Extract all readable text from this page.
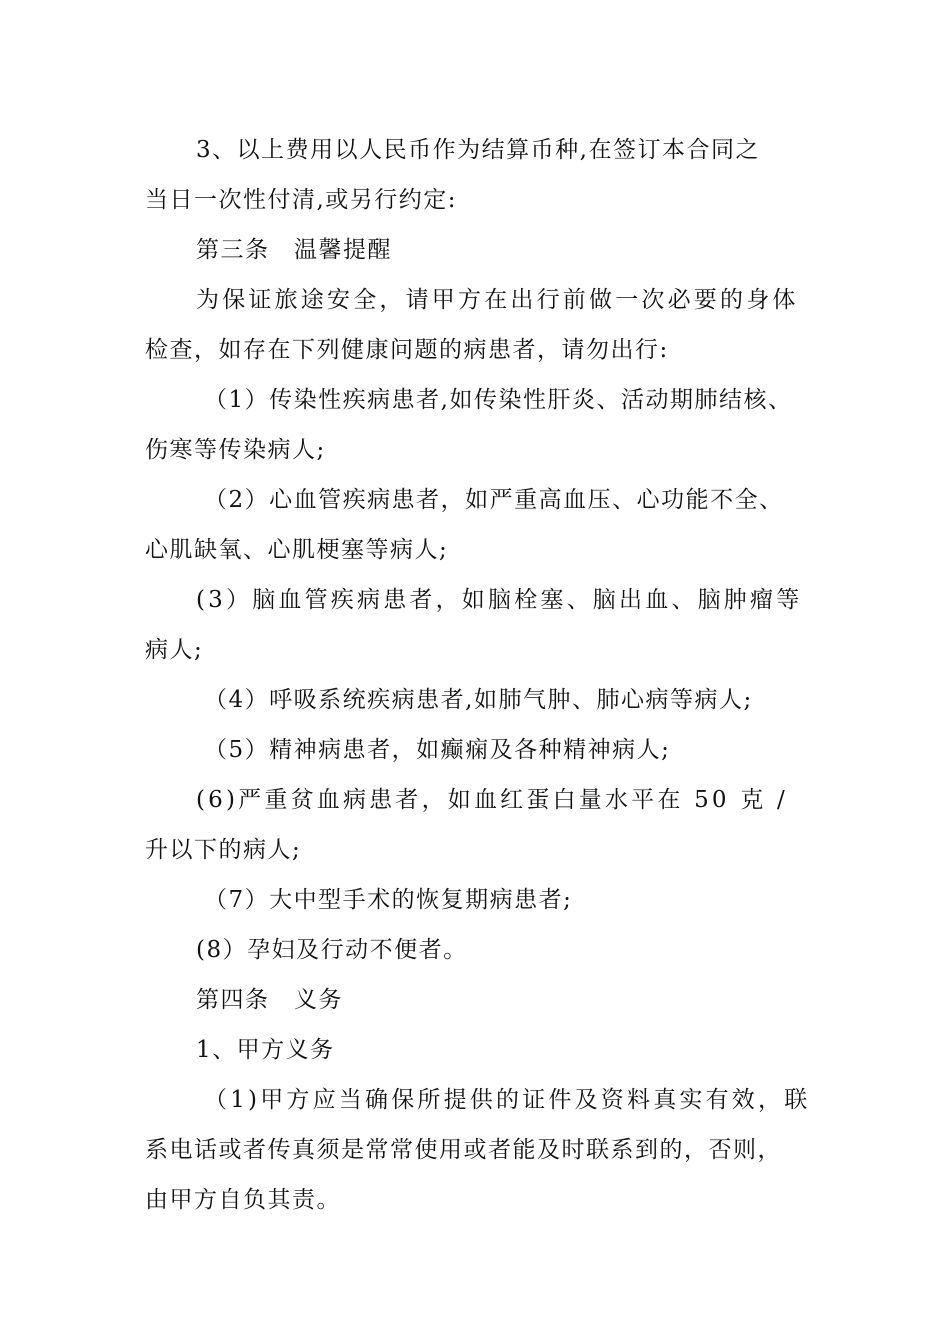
3、以上费用以人民币作为结算币种,在签订本合同之
当日一次性付清,或另行约定:
第三条　温馨提醒
为保证旅途安全，请甲方在出行前做一次必要的身体
检查，如存在下列健康问题的病患者，请勿出行:
（1）传染性疾病患者,如传染性肝炎、活动期肺结核、
伤寒等传染病人;
（2）心血管疾病患者，如严重高血压、心功能不全、
心肌缺氧、心肌梗塞等病人;
(3）脑血管疾病患者，如脑栓塞、脑出血、脑肿瘤等
病人;
（4）呼吸系统疾病患者,如肺气肿、肺心病等病人;
（5）精神病患者，如癫痫及各种精神病人;
(6)严重贫血病患者，如血红蛋白量水平在 50 克 /
升以下的病人;
（7）大中型手术的恢复期病患者;
(8）孕妇及行动不便者。
第四条　义务
1、甲方义务
（1)甲方应当确保所提供的证件及资料真实有效，联
系电话或者传真须是常常使用或者能及时联系到的，否则，
由甲方自负其责。
